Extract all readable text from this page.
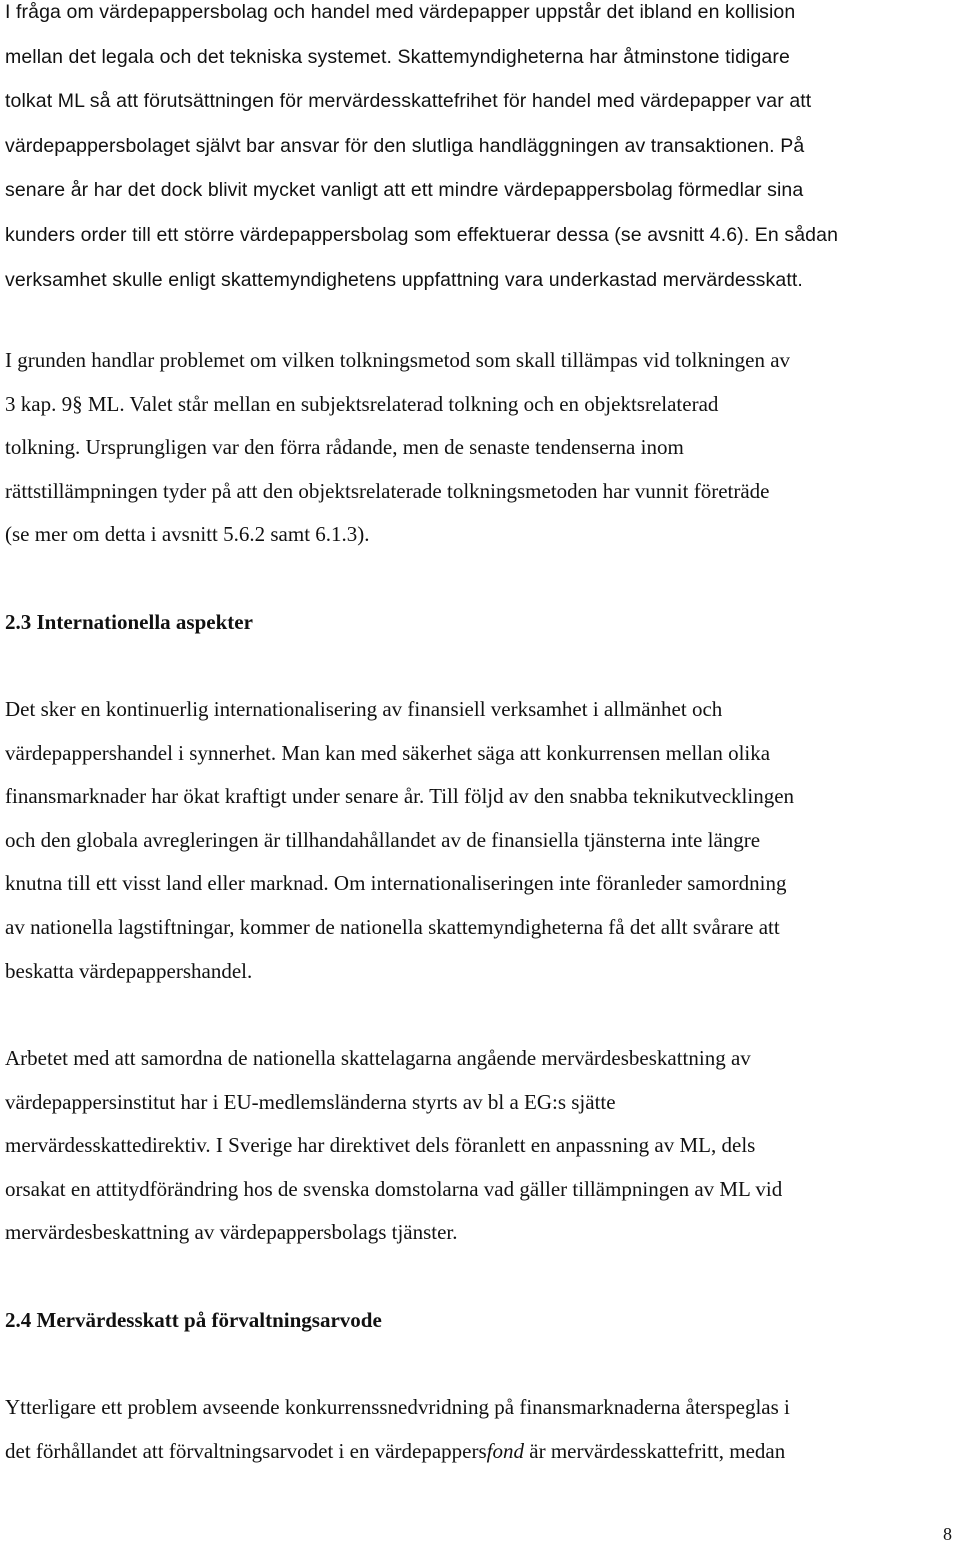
I fråga om värdepappersbolag och handel med värdepapper uppstår det ibland en kollision
mellan det legala och det tekniska systemet. Skattemyndigheterna har åtminstone tidigare
tolkat ML så att förutsättningen för mervärdesskattefrihet för handel med värdepapper var att
värdepappersbolaget självt bar ansvar för den slutliga handläggningen av transaktionen. På
senare år har det dock blivit mycket vanligt att ett mindre värdepappersbolag förmedlar sina
kunders order till ett större värdepappersbolag som effektuerar dessa (se avsnitt 4.6). En sådan
verksamhet skulle enligt skattemyndighetens uppfattning vara underkastad mervärdesskatt.
I grunden handlar problemet om vilken tolkningsmetod som skall tillämpas vid tolkningen av
3 kap. 9§ ML. Valet står mellan en subjektsrelaterad tolkning och en objektsrelaterad
tolkning. Ursprungligen var den förra rådande, men de senaste tendenserna inom
rättstillämpningen tyder på att den objektsrelaterade tolkningsmetoden har vunnit företräde
(se mer om detta i avsnitt 5.6.2 samt 6.1.3).
2.3 Internationella aspekter
Det sker en kontinuerlig internationalisering av finansiell verksamhet i allmänhet och
värdepappershandel i synnerhet. Man kan med säkerhet säga att konkurrensen mellan olika
finansmarknader har ökat kraftigt under senare år. Till följd av den snabba teknikutvecklingen
och den globala avregleringen är tillhandahållandet av de finansiella tjänsterna inte längre
knutna till ett visst land eller marknad. Om internationaliseringen inte föranleder samordning
av nationella lagstiftningar, kommer de nationella skattemyndigheterna få det allt svårare att
beskatta värdepappershandel.
Arbetet med att samordna de nationella skattelagarna angående mervärdesbeskattning av
värdepappersinstitut har i EU-medlemsländerna styrts av bl a EG:s sjätte
mervärdesskattedirektiv. I Sverige har direktivet dels föranlett en anpassning av ML, dels
orsakat en attitydförändring hos de svenska domstolarna vad gäller tillämpningen av ML vid
mervärdesbeskattning av värdepappersbolags tjänster.
2.4 Mervärdesskatt på förvaltningsarvode
Ytterligare ett problem avseende konkurrenssnedvridning på finansmarknaderna återspeglas i
det förhållandet att förvaltningsarvodet i en värdepappersfond är mervärdesskattefritt, medan
8
